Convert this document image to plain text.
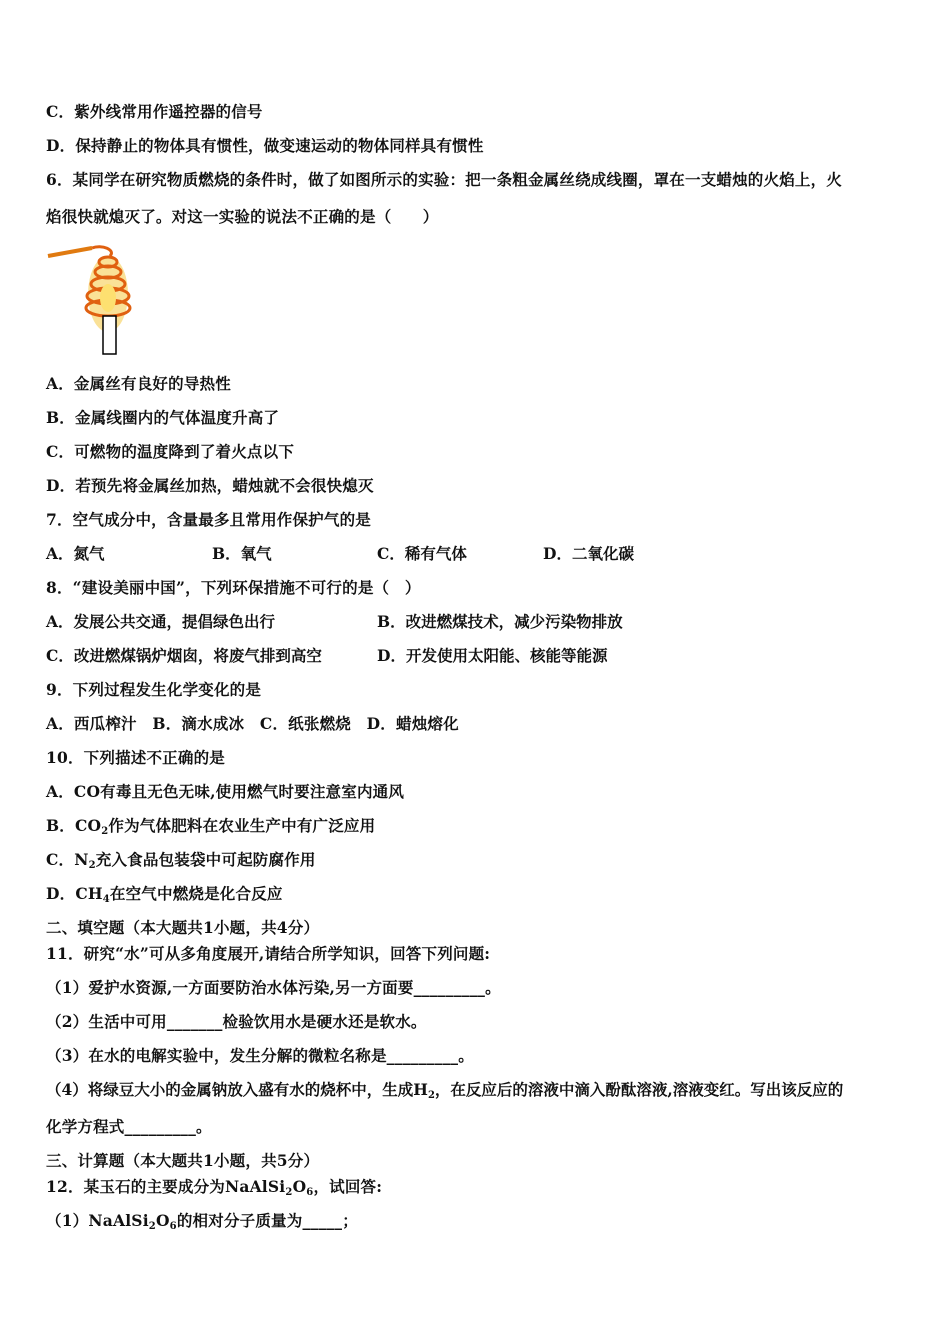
C．紫外线常用作遥控器的信号
D．保持静止的物体具有惯性，做变速运动的物体同样具有惯性
6．某同学在研究物质燃烧的条件时，做了如图所示的实验：把一条粗金属丝绕成线圈，罩在一支蜡烛的火焰上，火
焰很快就熄灭了。对这一实验的说法不正确的是（　　）
A．金属丝有良好的导热性
B．金属线圈内的气体温度升高了
C．可燃物的温度降到了着火点以下
D．若预先将金属丝加热，蜡烛就不会很快熄灭
7．空气成分中，含量最多且常用作保护气的是
A．氮气	B．氧气	C．稀有气体	D．二氧化碳
8．“建设美丽中国”，下列环保措施不可行的是（　）
A．发展公共交通，提倡绿色出行	B．改进燃煤技术，减少污染物排放
C．改进燃煤锅炉烟囱，将废气排到高空	D．开发使用太阳能、核能等能源
9．下列过程发生化学变化的是
A．西瓜榨汁　B．滴水成冰　C．纸张燃烧　D．蜡烛熔化
10．下列描述不正确的是
A．CO有毒且无色无味,使用燃气时要注意室内通风
B．$CO_2$作为气体肥料在农业生产中有广泛应用
C．$N_2$充入食品包装袋中可起防腐作用
D．$CH_4$在空气中燃烧是化合反应
二、填空题（本大题共1小题，共4分）
11．研究“水”可从多角度展开,请结合所学知识，回答下列问题:
（1）爱护水资源,一方面要防治水体污染,另一方面要_________。
（2）生活中可用_______检验饮用水是硬水还是软水。
（3）在水的电解实验中，发生分解的微粒名称是_________。
（4）将绿豆大小的金属钠放入盛有水的烧杯中，生成$H_2$，在反应后的溶液中滴入酚酞溶液,溶液变红。写出该反应的
化学方程式_________。
三、计算题（本大题共1小题，共5分）
12．某玉石的主要成分为$NaAlSi_2O_6$，试回答:
$(1)NaAlSi_2O_6$的相对分子质量为_____；
